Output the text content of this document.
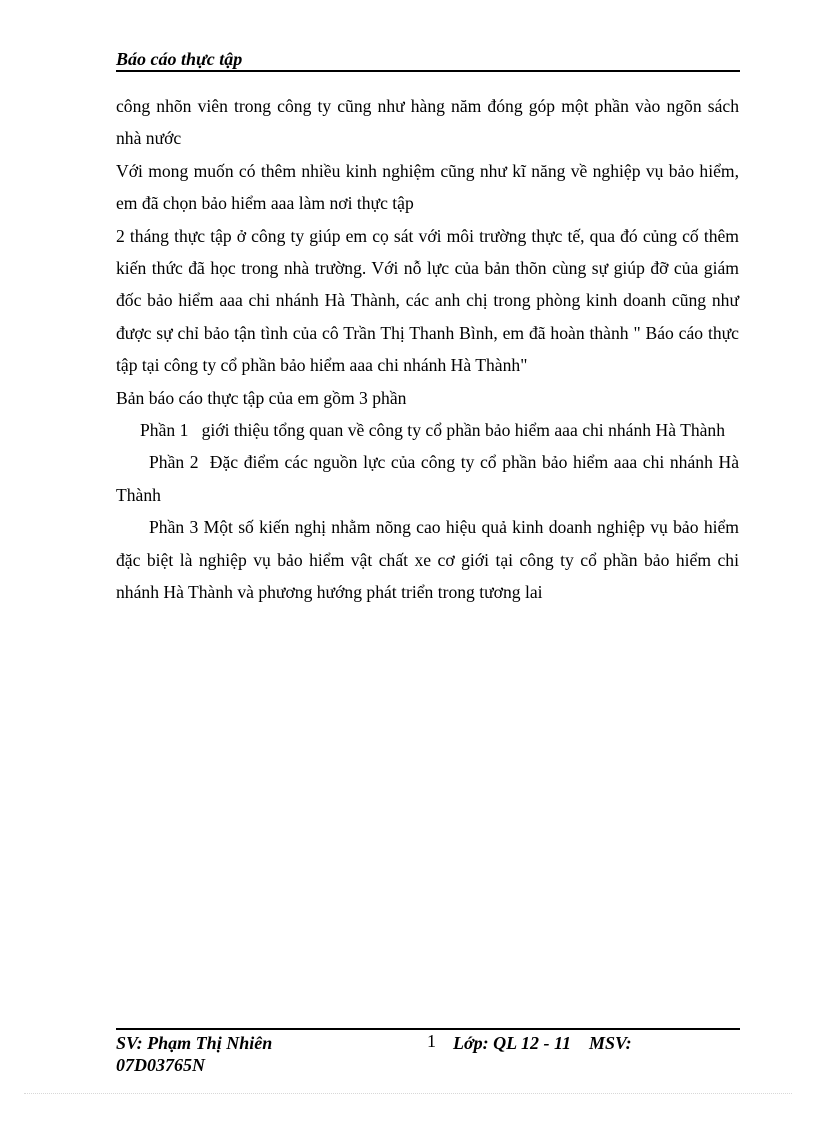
Báo cáo thực tập

công nhõn viên trong công ty cũng như hàng năm đóng góp một phần vào ngõn sách nhà nước

Với mong muốn có thêm nhiều kinh nghiệm cũng như kĩ năng về nghiệp vụ bảo hiểm, em đã chọn bảo hiểm aaa làm nơi thực tập

2 tháng thực tập ở công ty giúp em cọ sát với môi trường thực tế, qua đó củng cố thêm kiến thức đã học trong nhà trường. Với nỗ lực của bản thõn cùng sự giúp đỡ của giám đốc bảo hiểm aaa chi nhánh Hà Thành, các anh chị trong phòng kinh doanh cũng như được sự chỉ bảo tận tình của cô Trần Thị Thanh Bình, em đã hoàn thành " Báo cáo thực tập tại công ty cổ phần bảo hiểm aaa chi nhánh Hà Thành"

Bản báo cáo thực tập của em gồm 3 phần

Phần 1   giới thiệu tổng quan về công ty cổ phần bảo hiểm aaa chi nhánh Hà Thành

Phần 2  Đặc điểm các nguồn lực của công ty cổ phần bảo hiểm aaa chi nhánh Hà Thành

Phần 3 Một số kiến nghị nhằm nõng cao hiệu quả kinh doanh nghiệp vụ bảo hiểm đặc biệt là nghiệp vụ bảo hiểm vật chất xe cơ giới tại công ty cổ phần bảo hiểm chi nhánh Hà Thành và phương hướng phát triển trong tương lai

SV: Phạm Thị Nhiên	1 Lớp: QL 12 - 11    MSV:
07D03765N
